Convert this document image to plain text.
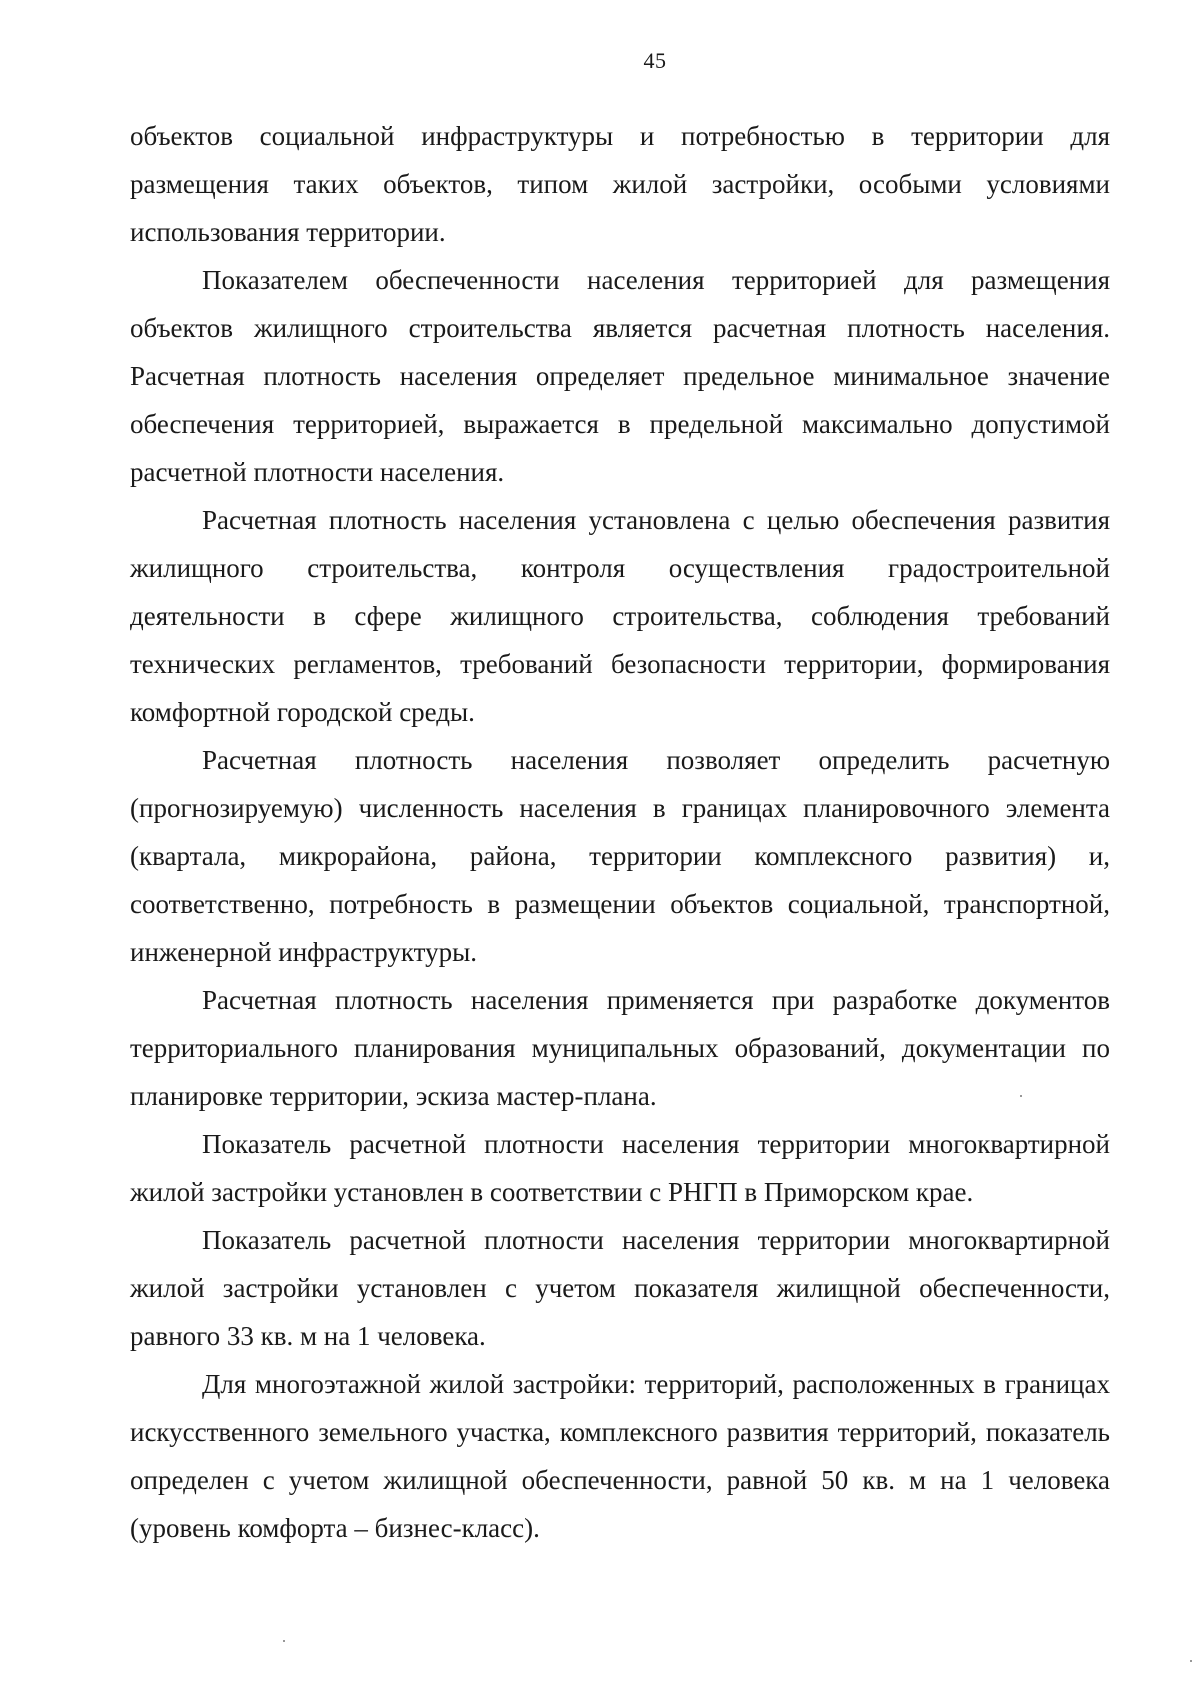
45

объектов социальной инфраструктуры и потребностью в территории для размещения таких объектов, типом жилой застройки, особыми условиями использования территории.

Показателем обеспеченности населения территорией для размещения объектов жилищного строительства является расчетная плотность населения. Расчетная плотность населения определяет предельное минимальное значение обеспечения территорией, выражается в предельной максимально допустимой расчетной плотности населения.

Расчетная плотность населения установлена с целью обеспечения развития жилищного строительства, контроля осуществления градостроительной деятельности в сфере жилищного строительства, соблюдения требований технических регламентов, требований безопасности территории, формирования комфортной городской среды.

Расчетная плотность населения позволяет определить расчетную (прогнозируемую) численность населения в границах планировочного элемента (квартала, микрорайона, района, территории комплексного развития) и, соответственно, потребность в размещении объектов социальной, транспортной, инженерной инфраструктуры.

Расчетная плотность населения применяется при разработке документов территориального планирования муниципальных образований, документации по планировке территории, эскиза мастер-плана.

Показатель расчетной плотности населения территории многоквартирной жилой застройки установлен в соответствии с РНГП в Приморском крае.

Показатель расчетной плотности населения территории многоквартирной жилой застройки установлен с учетом показателя жилищной обеспеченности, равного 33 кв. м на 1 человека.

Для многоэтажной жилой застройки: территорий, расположенных в границах искусственного земельного участка, комплексного развития территорий, показатель определен с учетом жилищной обеспеченности, равной 50 кв. м на 1 человека (уровень комфорта – бизнес-класс).
